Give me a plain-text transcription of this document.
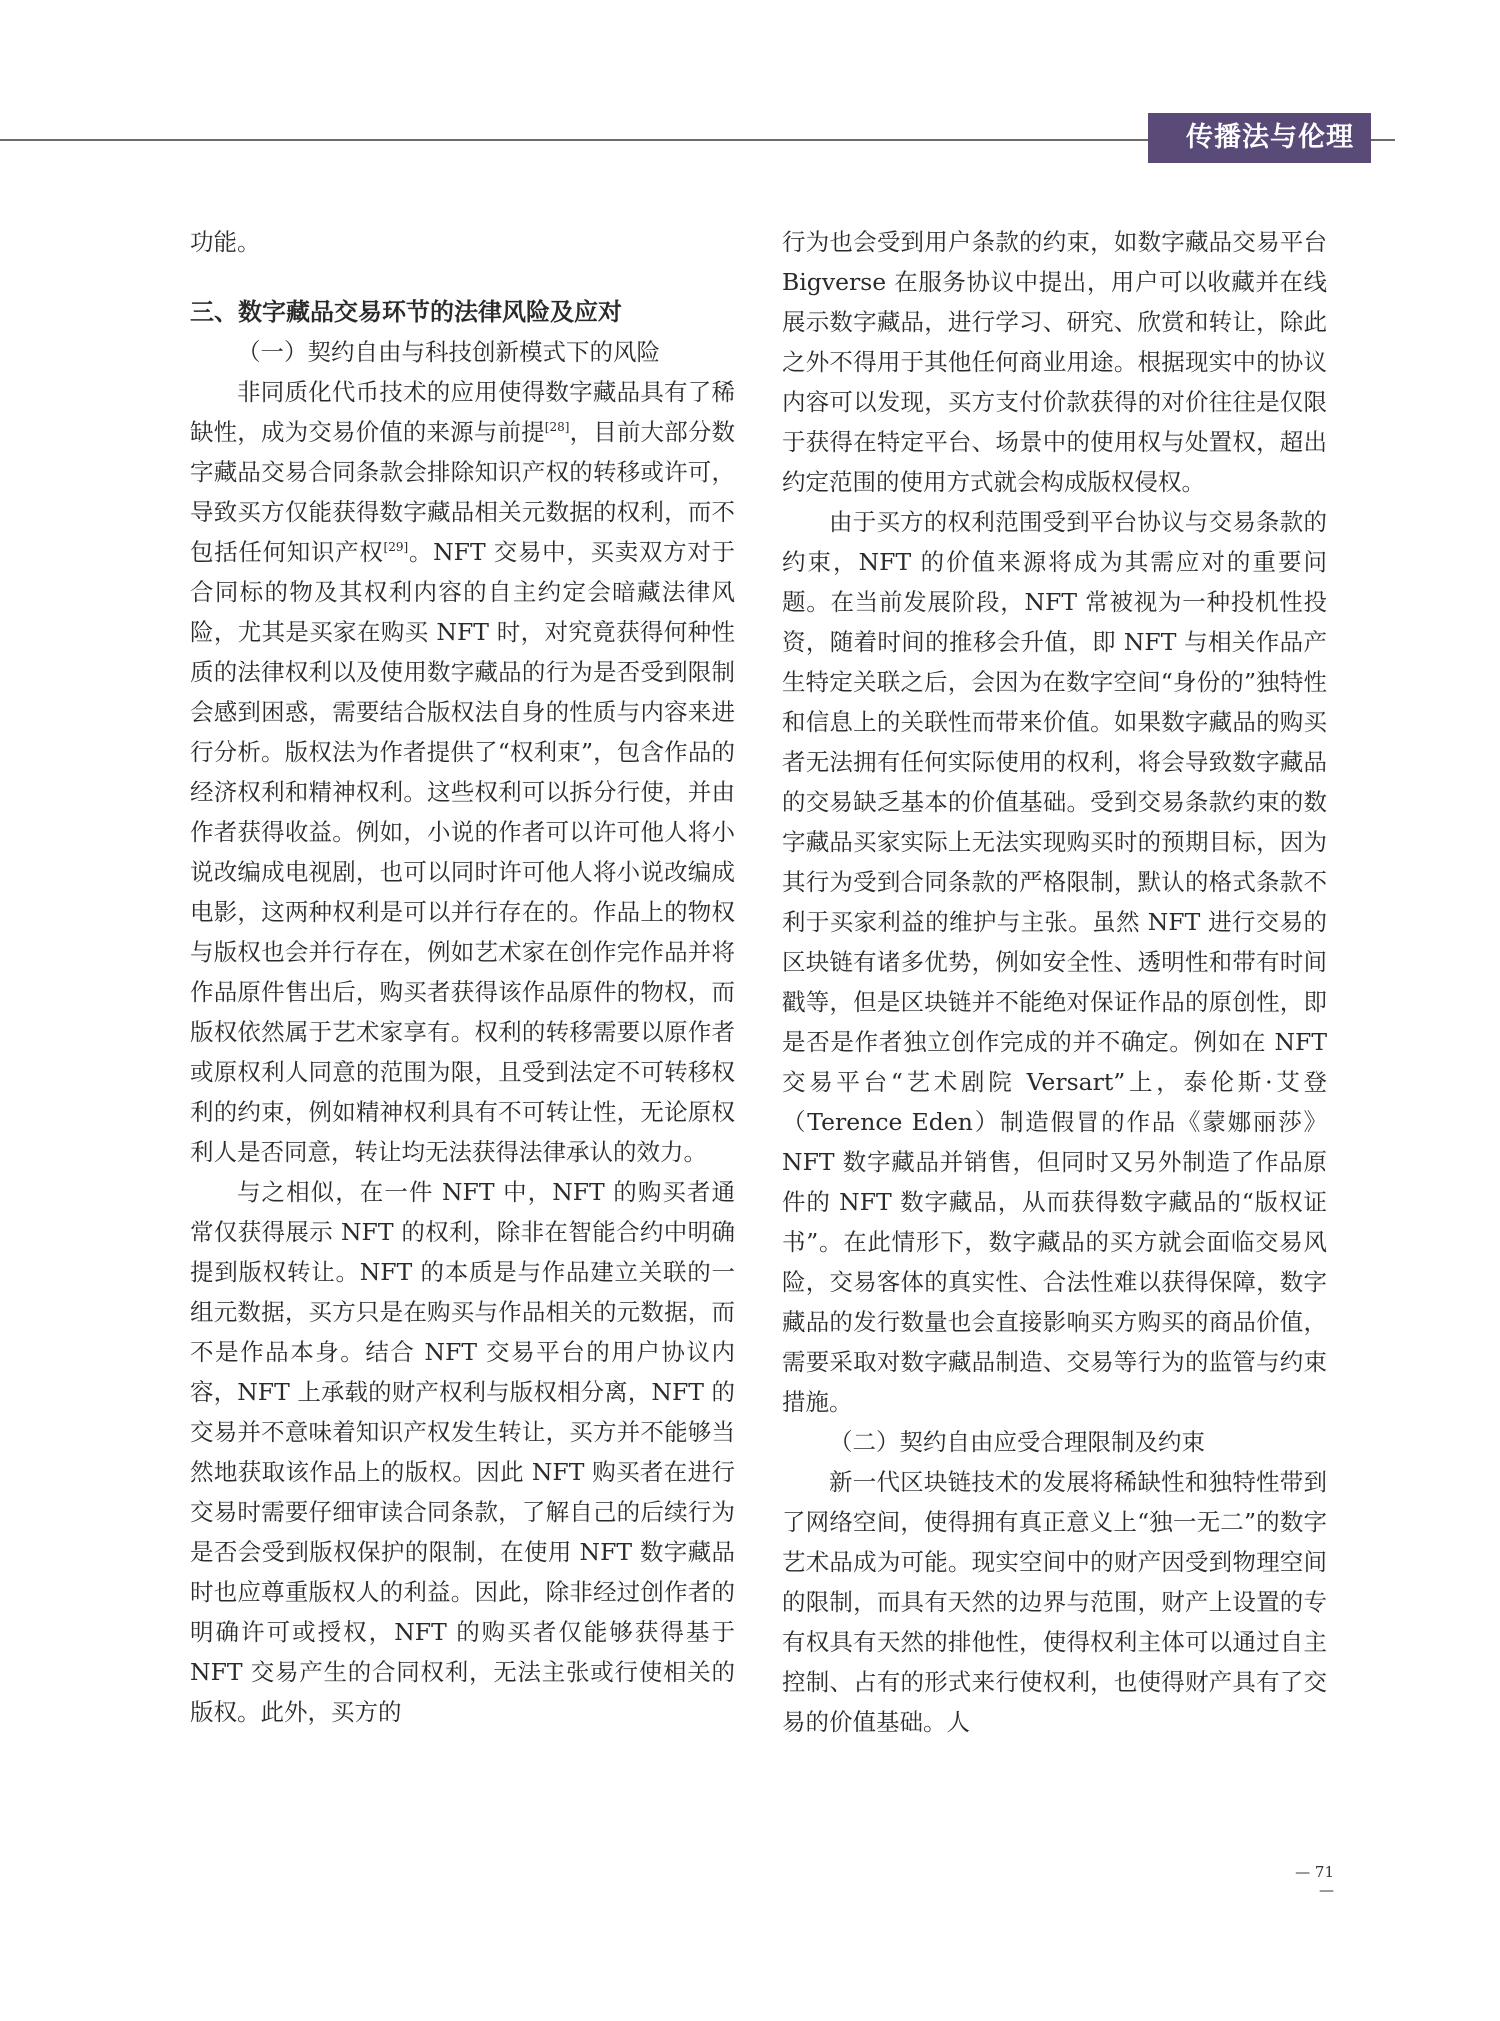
传播法与伦理

功能。

三、数字藏品交易环节的法律风险及应对
（一）契约自由与科技创新模式下的风险

非同质化代币技术的应用使得数字藏品具有了稀缺性，成为交易价值的来源与前提[28]，目前大部分数字藏品交易合同条款会排除知识产权的转移或许可，导致买方仅能获得数字藏品相关元数据的权利，而不包括任何知识产权[29]。NFT 交易中，买卖双方对于合同标的物及其权利内容的自主约定会暗藏法律风险，尤其是买家在购买 NFT 时，对究竟获得何种性质的法律权利以及使用数字藏品的行为是否受到限制会感到困惑，需要结合版权法自身的性质与内容来进行分析。版权法为作者提供了“权利束”，包含作品的经济权利和精神权利。这些权利可以拆分行使，并由作者获得收益。例如，小说的作者可以许可他人将小说改编成电视剧，也可以同时许可他人将小说改编成电影，这两种权利是可以并行存在的。作品上的物权与版权也会并行存在，例如艺术家在创作完作品并将作品原件售出后，购买者获得该作品原件的物权，而版权依然属于艺术家享有。权利的转移需要以原作者或原权利人同意的范围为限，且受到法定不可转移权利的约束，例如精神权利具有不可转让性，无论原权利人是否同意，转让均无法获得法律承认的效力。

与之相似，在一件 NFT 中，NFT 的购买者通常仅获得展示 NFT 的权利，除非在智能合约中明确提到版权转让。NFT 的本质是与作品建立关联的一组元数据，买方只是在购买与作品相关的元数据，而不是作品本身。结合 NFT 交易平台的用户协议内容，NFT 上承载的财产权利与版权相分离，NFT 的交易并不意味着知识产权发生转让，买方并不能够当然地获取该作品上的版权。因此 NFT 购买者在进行交易时需要仔细审读合同条款，了解自己的后续行为是否会受到版权保护的限制，在使用 NFT 数字藏品时也应尊重版权人的利益。因此，除非经过创作者的明确许可或授权，NFT 的购买者仅能够获得基于 NFT 交易产生的合同权利，无法主张或行使相关的版权。此外，买方的

行为也会受到用户条款的约束，如数字藏品交易平台 Bigverse 在服务协议中提出，用户可以收藏并在线展示数字藏品，进行学习、研究、欣赏和转让，除此之外不得用于其他任何商业用途。根据现实中的协议内容可以发现，买方支付价款获得的对价往往是仅限于获得在特定平台、场景中的使用权与处置权，超出约定范围的使用方式就会构成版权侵权。

由于买方的权利范围受到平台协议与交易条款的约束，NFT 的价值来源将成为其需应对的重要问题。在当前发展阶段，NFT 常被视为一种投机性投资，随着时间的推移会升值，即 NFT 与相关作品产生特定关联之后，会因为在数字空间“身份的”独特性和信息上的关联性而带来价值。如果数字藏品的购买者无法拥有任何实际使用的权利，将会导致数字藏品的交易缺乏基本的价值基础。受到交易条款约束的数字藏品买家实际上无法实现购买时的预期目标，因为其行为受到合同条款的严格限制，默认的格式条款不利于买家利益的维护与主张。虽然 NFT 进行交易的区块链有诸多优势，例如安全性、透明性和带有时间戳等，但是区块链并不能绝对保证作品的原创性，即是否是作者独立创作完成的并不确定。例如在 NFT 交易平台“艺术剧院 Versart”上，泰伦斯·艾登（Terence Eden）制造假冒的作品《蒙娜丽莎》NFT 数字藏品并销售，但同时又另外制造了作品原件的 NFT 数字藏品，从而获得数字藏品的“版权证书”。在此情形下，数字藏品的买方就会面临交易风险，交易客体的真实性、合法性难以获得保障，数字藏品的发行数量也会直接影响买方购买的商品价值，需要采取对数字藏品制造、交易等行为的监管与约束措施。

（二）契约自由应受合理限制及约束

新一代区块链技术的发展将稀缺性和独特性带到了网络空间，使得拥有真正意义上“独一无二”的数字艺术品成为可能。现实空间中的财产因受到物理空间的限制，而具有天然的边界与范围，财产上设置的专有权具有天然的排他性，使得权利主体可以通过自主控制、占有的形式来行使权利，也使得财产具有了交易的价值基础。人

— 71 —
